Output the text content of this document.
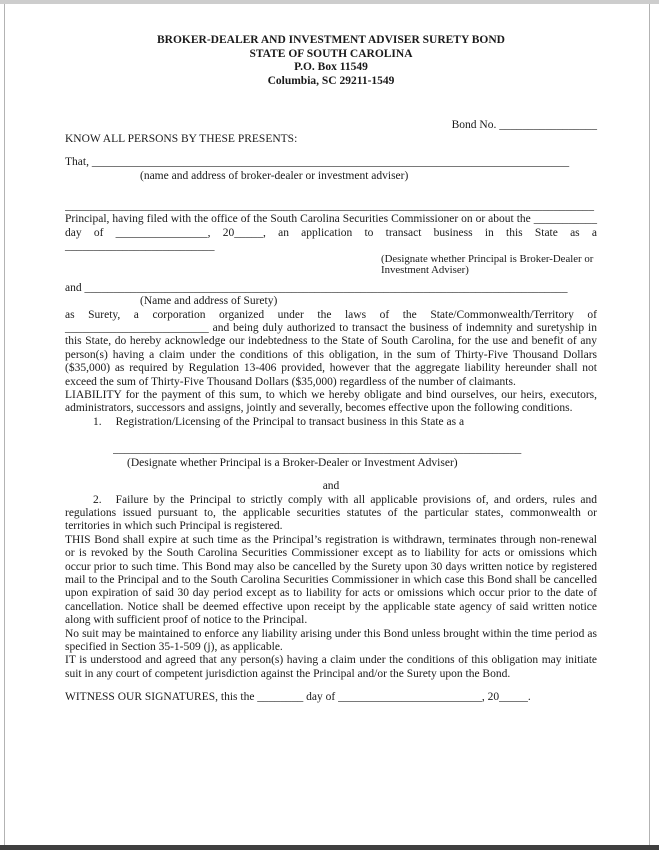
BROKER-DEALER AND INVESTMENT ADVISER SURETY BOND
STATE OF SOUTH CAROLINA
P.O. Box 11549
Columbia, SC 29211-1549
Bond No. _________________
KNOW ALL PERSONS BY THESE PRESENTS:
That, ___________________________________________________________________________________
(name and address of broker-dealer or investment adviser)
____________________________________________________________________________________________

Principal, having filed with the office of the South Carolina Securities Commissioner on or about the ___________ day of ________________, 20_____, an application to transact business in this State as a __________________________

(Designate whether Principal is Broker-Dealer or Investment Adviser)
and ____________________________________________________________________________________
(Name and address of Surety)

as Surety, a corporation organized under the laws of the State/Commonwealth/Territory of _________________________ and being duly authorized to transact the business of indemnity and suretyship in this State, do hereby acknowledge our indebtedness to the State of South Carolina, for the use and benefit of any person(s) having a claim under the conditions of this obligation, in the sum of Thirty-Five Thousand Dollars ($35,000) as required by Regulation 13-406 provided, however that the aggregate liability hereunder shall not exceed the sum of Thirty-Five Thousand Dollars ($35,000) regardless of the number of claimants.

LIABILITY for the payment of this sum, to which we hereby obligate and bind ourselves, our heirs, executors, administrators, successors and assigns, jointly and severally, becomes effective upon the following conditions.

1. Registration/Licensing of the Principal to transact business in this State as a

_______________________________________________________________________
(Designate whether Principal is a Broker-Dealer or Investment Adviser)
and

2. Failure by the Principal to strictly comply with all applicable provisions of, and orders, rules and regulations issued pursuant to, the applicable securities statutes of the particular states, commonwealth or territories in which such Principal is registered.

THIS Bond shall expire at such time as the Principal’s registration is withdrawn, terminates through non-renewal or is revoked by the South Carolina Securities Commissioner except as to liability for acts or omissions which occur prior to such time. This Bond may also be cancelled by the Surety upon 30 days written notice by registered mail to the Principal and to the South Carolina Securities Commissioner in which case this Bond shall be cancelled upon expiration of said 30 day period except as to liability for acts or omissions which occur prior to the date of cancellation. Notice shall be deemed effective upon receipt by the applicable state agency of said written notice along with sufficient proof of notice to the Principal.

No suit may be maintained to enforce any liability arising under this Bond unless brought within the time period as specified in Section 35-1-509 (j), as applicable.

IT is understood and agreed that any person(s) having a claim under the conditions of this obligation may initiate suit in any court of competent jurisdiction against the Principal and/or the Surety upon the Bond.

WITNESS OUR SIGNATURES, this the ________ day of _________________________, 20_____.
